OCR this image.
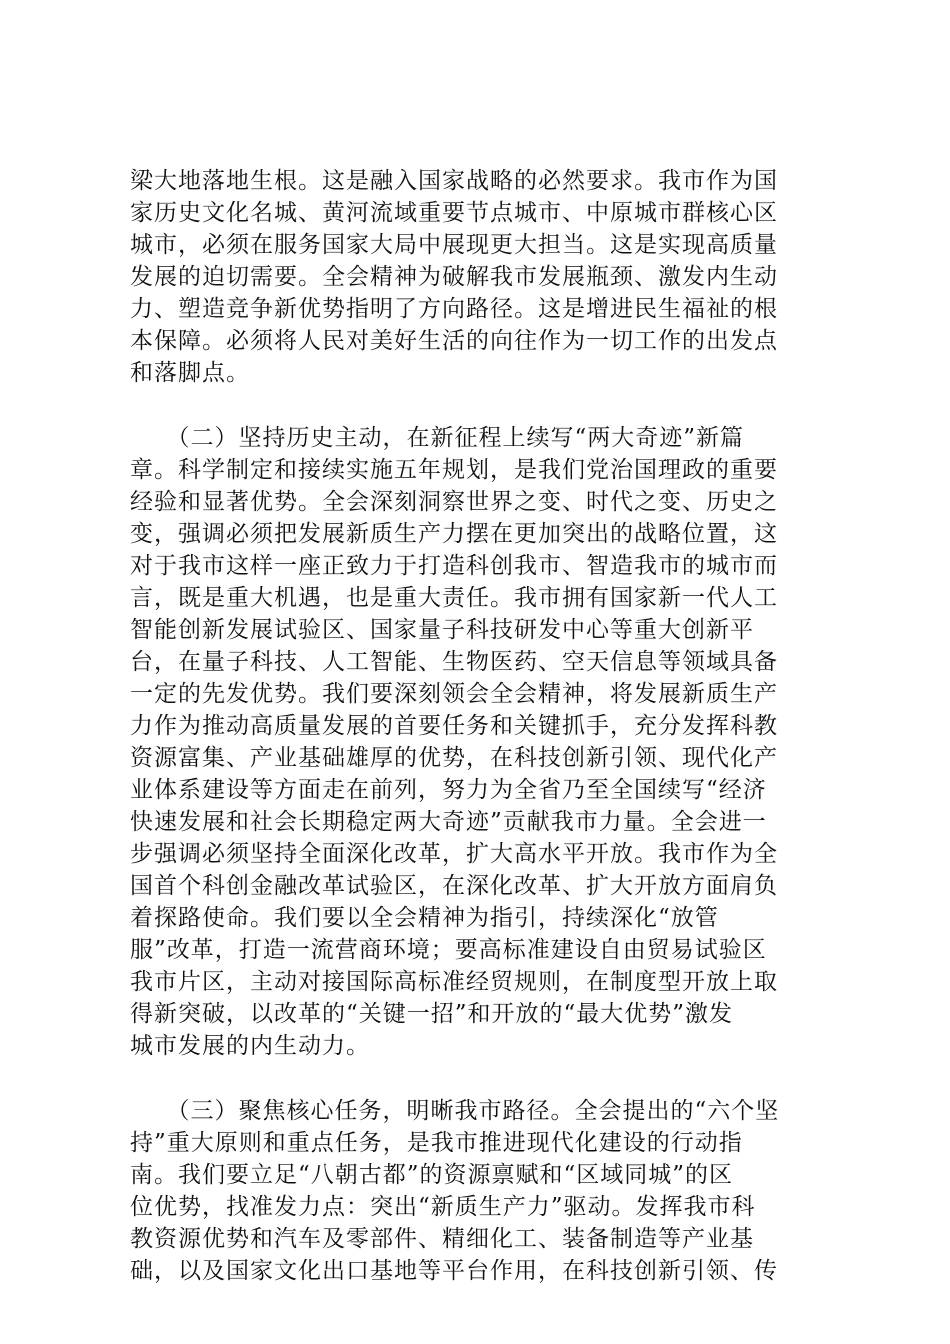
梁大地落地生根。这是融入国家战略的必然要求。我市作为国
家历史文化名城、黄河流域重要节点城市、中原城市群核心区
城市，必须在服务国家大局中展现更大担当。这是实现高质量
发展的迫切需要。全会精神为破解我市发展瓶颈、激发内生动
力、塑造竞争新优势指明了方向路径。这是增进民生福祉的根
本保障。必须将人民对美好生活的向往作为一切工作的出发点
和落脚点。

　　（二）坚持历史主动，在新征程上续写“两大奇迹”新篇
章。科学制定和接续实施五年规划，是我们党治国理政的重要
经验和显著优势。全会深刻洞察世界之变、时代之变、历史之
变，强调必须把发展新质生产力摆在更加突出的战略位置，这
对于我市这样一座正致力于打造科创我市、智造我市的城市而
言，既是重大机遇，也是重大责任。我市拥有国家新一代人工
智能创新发展试验区、国家量子科技研发中心等重大创新平
台，在量子科技、人工智能、生物医药、空天信息等领域具备
一定的先发优势。我们要深刻领会全会精神，将发展新质生产
力作为推动高质量发展的首要任务和关键抓手，充分发挥科教
资源富集、产业基础雄厚的优势，在科技创新引领、现代化产
业体系建设等方面走在前列，努力为全省乃至全国续写“经济
快速发展和社会长期稳定两大奇迹”贡献我市力量。全会进一
步强调必须坚持全面深化改革，扩大高水平开放。我市作为全
国首个科创金融改革试验区，在深化改革、扩大开放方面肩负
着探路使命。我们要以全会精神为指引，持续深化“放管
服”改革，打造一流营商环境；要高标准建设自由贸易试验区
我市片区，主动对接国际高标准经贸规则，在制度型开放上取
得新突破，以改革的“关键一招”和开放的“最大优势”激发
城市发展的内生动力。

　　（三）聚焦核心任务，明晰我市路径。全会提出的“六个坚
持”重大原则和重点任务，是我市推进现代化建设的行动指
南。我们要立足“八朝古都”的资源禀赋和“区域同城”的区
位优势，找准发力点：突出“新质生产力”驱动。发挥我市科
教资源优势和汽车及零部件、精细化工、装备制造等产业基
础，以及国家文化出口基地等平台作用，在科技创新引领、传
